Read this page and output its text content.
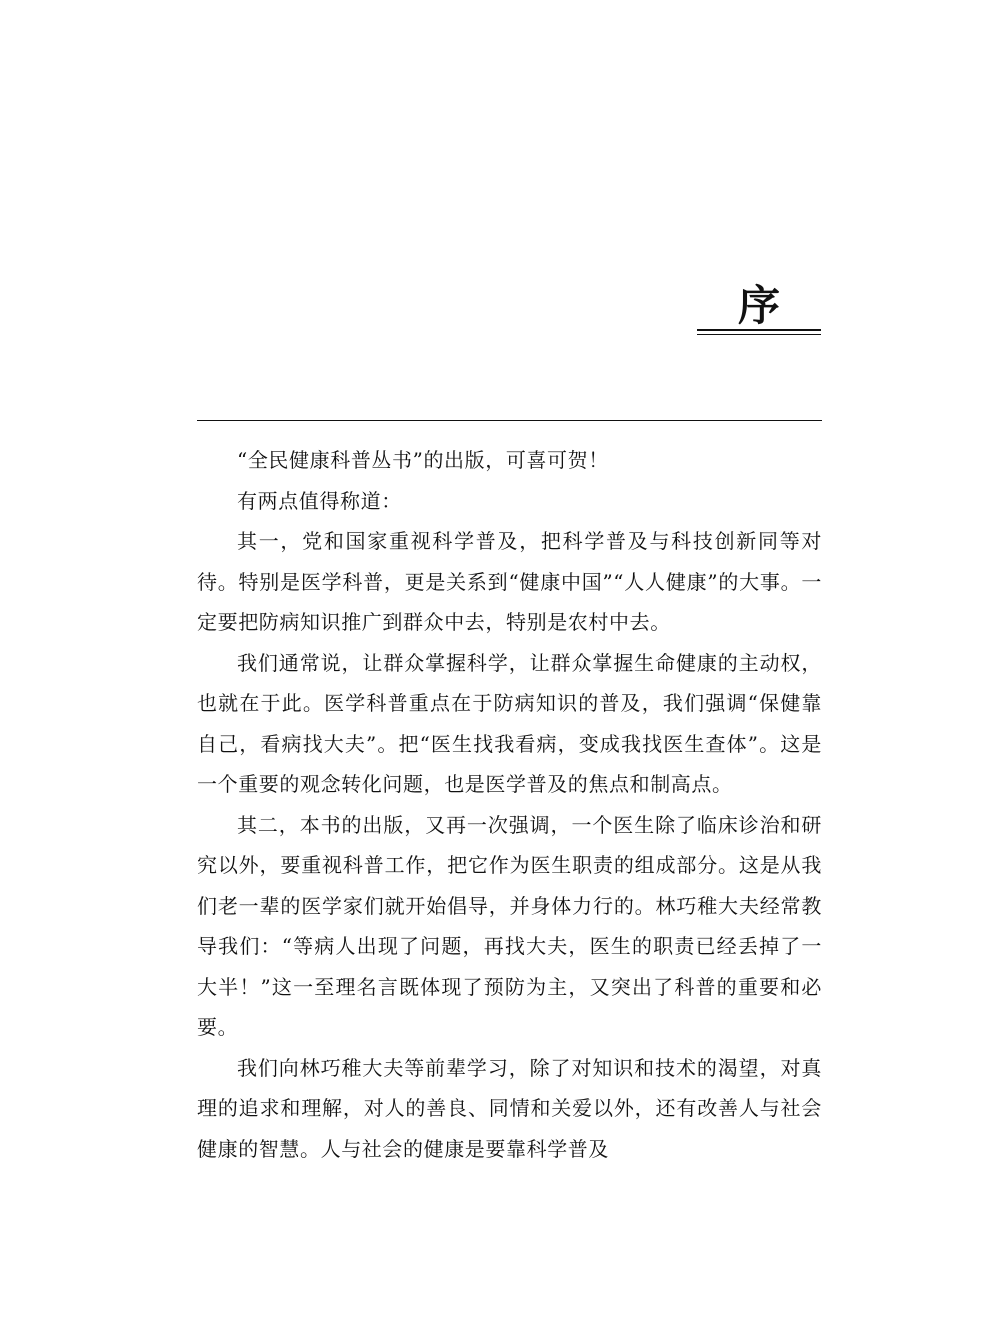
序

“全民健康科普丛书”的出版，可喜可贺！

有两点值得称道：

其一，党和国家重视科学普及，把科学普及与科技创新同等对待。特别是医学科普，更是关系到“健康中国”“人人健康”的大事。一定要把防病知识推广到群众中去，特别是农村中去。

我们通常说，让群众掌握科学，让群众掌握生命健康的主动权，也就在于此。医学科普重点在于防病知识的普及，我们强调“保健靠自己，看病找大夫”。把“医生找我看病，变成我找医生查体”。这是一个重要的观念转化问题，也是医学普及的焦点和制高点。

其二，本书的出版，又再一次强调，一个医生除了临床诊治和研究以外，要重视科普工作，把它作为医生职责的组成部分。这是从我们老一辈的医学家们就开始倡导，并身体力行的。林巧稚大夫经常教导我们：“等病人出现了问题，再找大夫，医生的职责已经丢掉了一大半！”这一至理名言既体现了预防为主，又突出了科普的重要和必要。

我们向林巧稚大夫等前辈学习，除了对知识和技术的渴望，对真理的追求和理解，对人的善良、同情和关爱以外，还有改善人与社会健康的智慧。人与社会的健康是要靠科学普及
